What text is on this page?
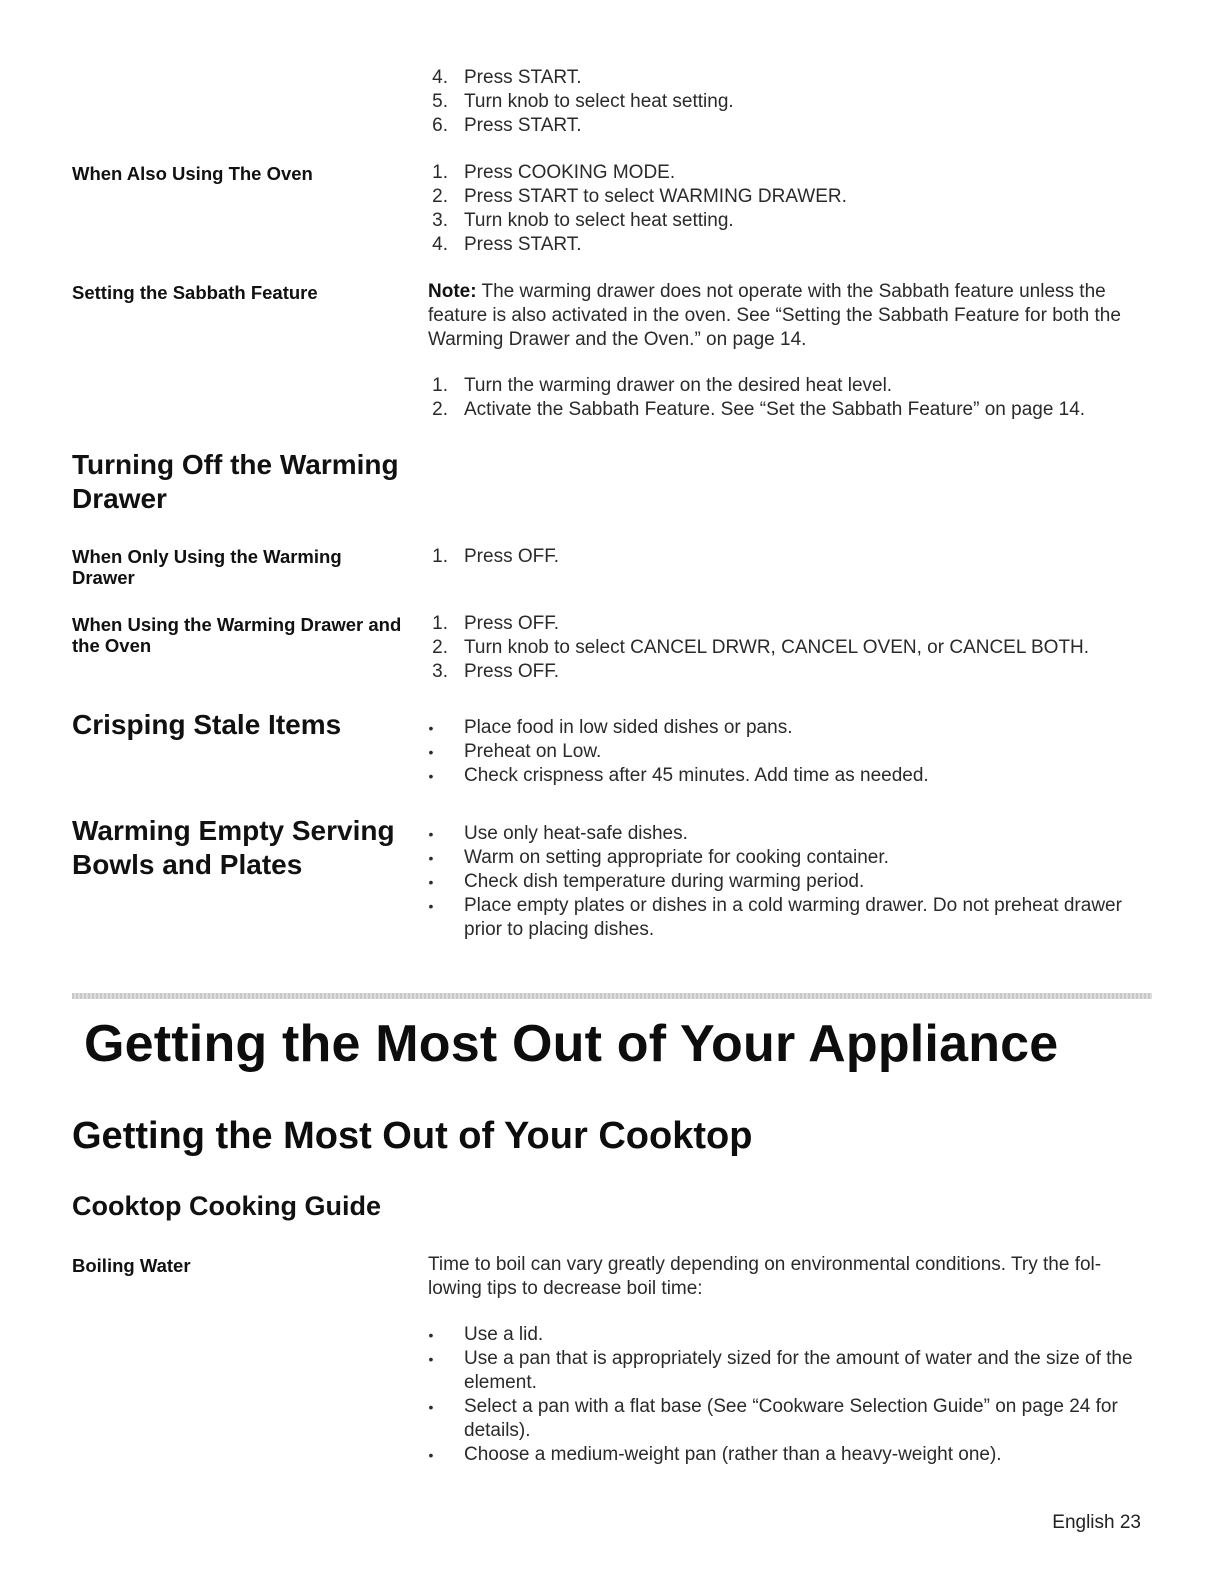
4. Press START.
5. Turn knob to select heat setting.
6. Press START.
When Also Using The Oven	1. Press COOKING MODE.
2. Press START to select WARMING DRAWER.
3. Turn knob to select heat setting.
4. Press START.
Setting the Sabbath Feature	Note: The warming drawer does not operate with the Sabbath feature unless the feature is also activated in the oven. See “Setting the Sabbath Feature for both the Warming Drawer and the Oven.” on page 14.

1. Turn the warming drawer on the desired heat level.
2. Activate the Sabbath Feature. See “Set the Sabbath Feature” on page 14.
Turning Off the Warming Drawer
When Only Using the Warming Drawer
1. Press OFF.
When Using the Warming Drawer and the Oven
1. Press OFF.
2. Turn knob to select CANCEL DRWR, CANCEL OVEN, or CANCEL BOTH.
3. Press OFF.
Crisping Stale Items	• Place food in low sided dishes or pans.
• Preheat on Low.
• Check crispness after 45 minutes. Add time as needed.
Warming Empty Serving Bowls and Plates
• Use only heat-safe dishes.
• Warm on setting appropriate for cooking container.
• Check dish temperature during warming period.
• Place empty plates or dishes in a cold warming drawer. Do not preheat drawer prior to placing dishes.
Getting the Most Out of Your Appliance
Getting the Most Out of Your Cooktop
Cooktop Cooking Guide
Boiling Water	Time to boil can vary greatly depending on environmental conditions. Try the fol-lowing tips to decrease boil time:

• Use a lid.
• Use a pan that is appropriately sized for the amount of water and the size of the element.
• Select a pan with a flat base (See “Cookware Selection Guide” on page 24 for details).
• Choose a medium-weight pan (rather than a heavy-weight one).
English 23
